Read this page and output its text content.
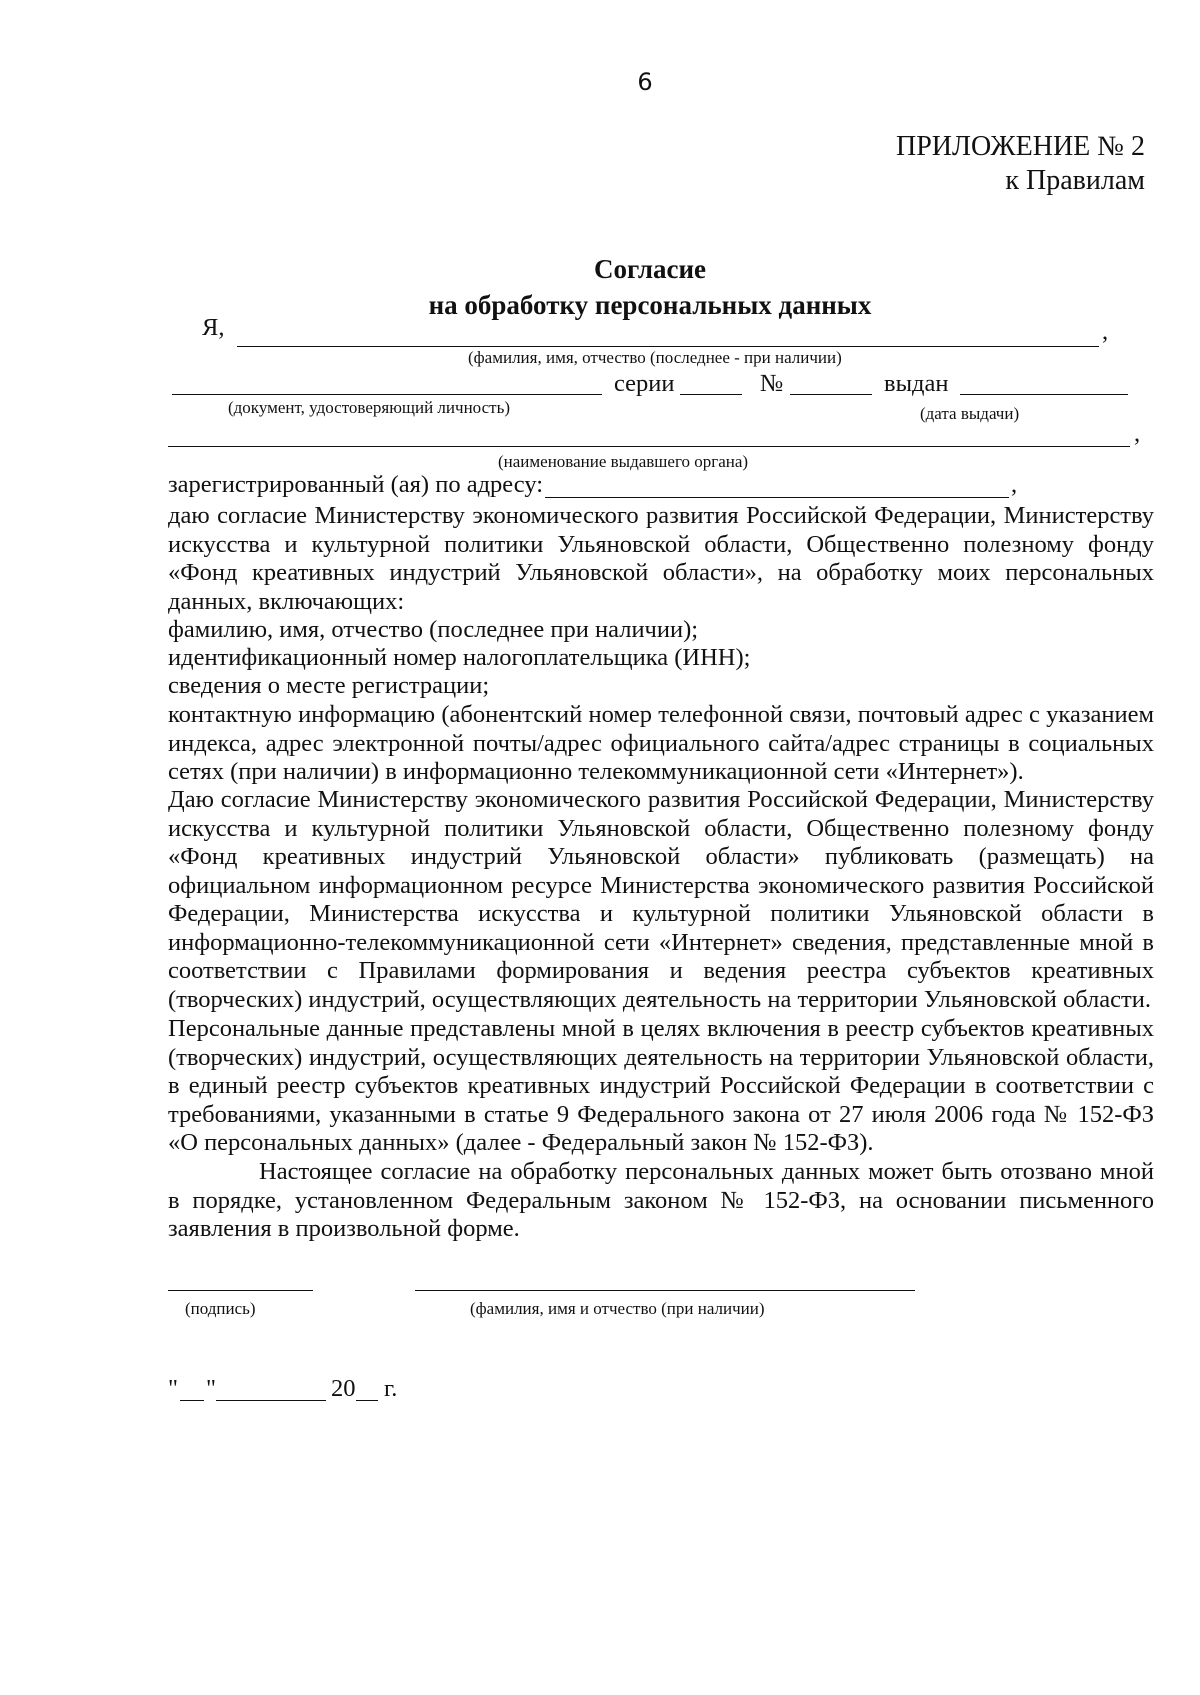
6
ПРИЛОЖЕНИЕ № 2
к Правилам
Согласие
на обработку персональных данных
Я,	,
(фамилия, имя, отчество (последнее - при наличии)
серии	№	выдан
(документ, удостоверяющий личность)	(дата выдачи)
,
(наименование выдавшего органа)
зарегистрированный (ая) по адресу:	,

даю согласие Министерству экономического развития Российской Федерации, Министерству искусства и культурной политики Ульяновской области, Общественно полезному фонду «Фонд креативных индустрий Ульяновской области», на обработку моих персональных данных, включающих:

фамилию, имя, отчество (последнее при наличии);
идентификационный номер налогоплательщика (ИНН);
сведения о месте регистрации;

контактную информацию (абонентский номер телефонной связи, почтовый адрес с указанием индекса, адрес электронной почты/адрес официального сайта/адрес страницы в социальных сетях (при наличии) в информационно телекоммуникационной сети «Интернет»).

Даю согласие Министерству экономического развития Российской Федерации, Министерству искусства и культурной политики Ульяновской области, Общественно полезному фонду «Фонд креативных индустрий Ульяновской области» публиковать (размещать) на официальном информационном ресурсе Министерства экономического развития Российской Федерации, Министерства искусства и культурной политики Ульяновской области в информационно-телекоммуникационной сети «Интернет» сведения, представленные мной в соответствии с Правилами формирования и ведения реестра субъектов креативных (творческих) индустрий, осуществляющих деятельность на территории Ульяновской области.

Персональные данные представлены мной в целях включения в реестр субъектов креативных (творческих) индустрий, осуществляющих деятельность на территории Ульяновской области, в единый реестр субъектов креативных индустрий Российской Федерации в соответствии с требованиями, указанными в статье 9 Федерального закона от 27 июля 2006 года № 152-ФЗ «О персональных данных» (далее - Федеральный закон № 152-ФЗ).

Настоящее согласие на обработку персональных данных может быть отозвано мной в порядке, установленном Федеральным законом № 152-ФЗ, на основании письменного заявления в произвольной форме.

(подпись)	(фамилия, имя и отчество (при наличии)
" "	20 г.
